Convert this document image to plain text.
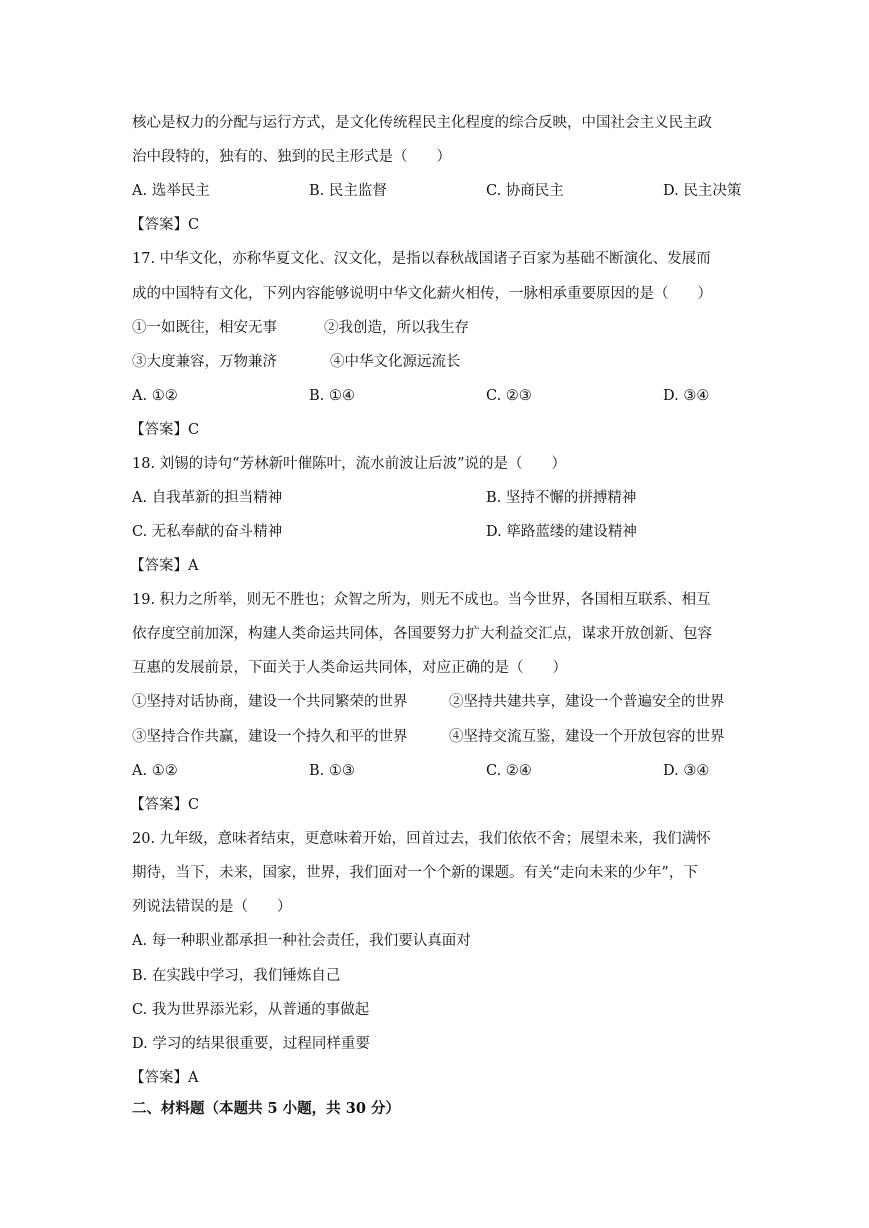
核心是权力的分配与运行方式，是文化传统程民主化程度的综合反映，中国社会主义民主政
治中段特的，独有的、独到的民主形式是（　　）
A. 选举民主	B. 民主监督	C. 协商民主	D. 民主决策
【答案】C
17. 中华文化，亦称华夏文化、汉文化，是指以春秋战国诸子百家为基础不断演化、发展而
成的中国特有文化，下列内容能够说明中华文化薪火相传，一脉相承重要原因的是（　　）
①一如既往，相安无事	②我创造，所以我生存
③大度兼容，万物兼济	④中华文化源远流长
A. ①②	B. ①④	C. ②③	D. ③④
【答案】C
18. 刘锡的诗句“芳林新叶催陈叶，流水前波让后波”说的是（　　）
A. 自我革新的担当精神	B. 坚持不懈的拼搏精神
C. 无私奉献的奋斗精神	D. 筚路蓝缕的建设精神
【答案】A
19. 积力之所举，则无不胜也；众智之所为，则无不成也。当今世界，各国相互联系、相互
依存度空前加深，构建人类命运共同体，各国要努力扩大利益交汇点，谋求开放创新、包容
互惠的发展前景，下面关于人类命运共同体，对应正确的是（　　）
①坚持对话协商，建设一个共同繁荣的世界	②坚持共建共享，建设一个普遍安全的世界
③坚持合作共赢，建设一个持久和平的世界	④坚持交流互鉴，建设一个开放包容的世界
A. ①②	B. ①③	C. ②④	D. ③④
【答案】C
20. 九年级，意味者结束，更意味着开始，回首过去，我们依依不舍；展望未来，我们满怀
期待，当下，未来，国家，世界，我们面对一个个新的课题。有关“走向未来的少年”，下
列说法错误的是（　　）
A. 每一种职业都承担一种社会责任，我们要认真面对
B. 在实践中学习，我们锤炼自己
C. 我为世界添光彩，从普通的事做起
D. 学习的结果很重要，过程同样重要
【答案】A
二、材料题（本题共 5 小题，共 30 分）
